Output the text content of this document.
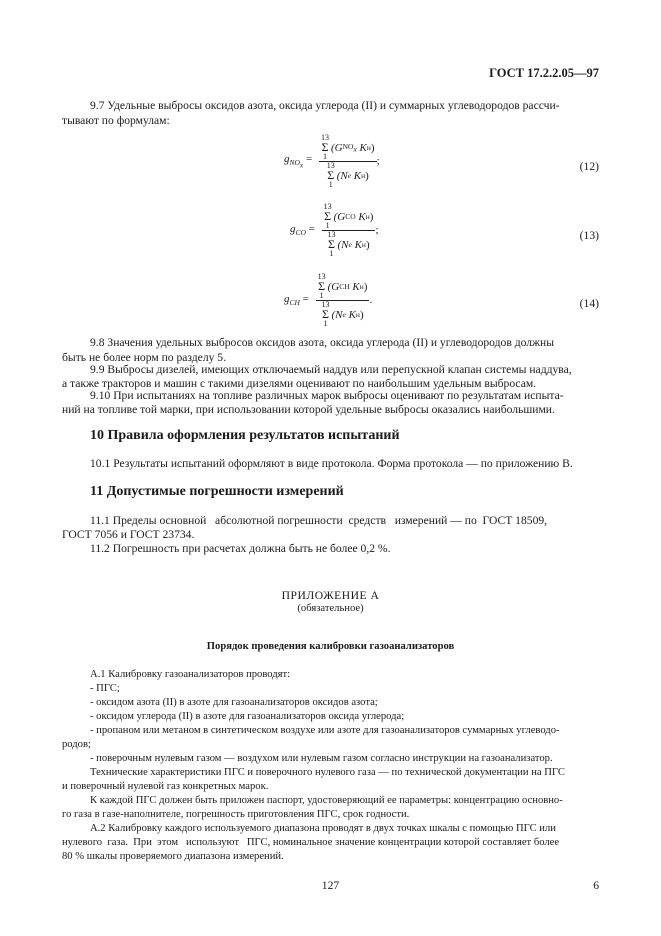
ГОСТ 17.2.2.05—97
9.7 Удельные выбросы оксидов азота, оксида углерода (II) и суммарных углеводородов рассчи-
тывают по формулам:
$g_{NO_x} = 13$
Σ
1
(G $NO_x$
K н )
13
Σ
1
(N e
K н ) ;	(12)
$g_{CO} = 13$
Σ
1
(G CO
K н )
13
Σ
1
(N e
K н ) ;	(13)
$g_{CH} = 13$
Σ
1
(G CH
K н )
13
Σ
1
(N e
K н ) .	(14)
9.8 Значения удельных выбросов оксидов азота, оксида углерода (II) и углеводородов должны
быть не более норм по разделу 5.
9.9 Выбросы дизелей, имеющих отключаемый наддув или перепускной клапан системы наддува,
а также тракторов и машин с такими дизелями оценивают по наибольшим удельным выбросам.
9.10 При испытаниях на топливе различных марок выбросы оценивают по результатам испыта-
ний на топливе той марки, при использовании которой удельные выбросы оказались наибольшими.
10 Правила оформления результатов испытаний
10.1 Результаты испытаний оформляют в виде протокола. Форма протокола — по приложению В.
11 Допустимые погрешности измерений
11.1 Пределы основной   абсолютной погрешности  средств   измерений — по  ГОСТ 18509,
ГОСТ 7056 и ГОСТ 23734.
11.2 Погрешность при расчетах должна быть не более 0,2 %.
ПРИЛОЖЕНИЕ А
(обязательное)
Порядок проведения калибровки газоанализаторов
А.1 Калибровку газоанализаторов проводят:
- ПГС;
- оксидом азота (II) в азоте для газоанализаторов оксидов азота;
- оксидом углерода (II) в азоте для газоанализаторов оксида углерода;
- пропаном или метаном в синтетическом воздухе или азоте для газоанализаторов суммарных углеводо-
родов;
- поверочным нулевым газом — воздухом или нулевым газом согласно инструкции на газоанализатор.
Технические характеристики ПГС и поверочного нулевого газа — по технической документации на ПГС
и поверочный нулевой газ конкретных марок.
К каждой ПГС должен быть приложен паспорт, удостоверяющий ее параметры: концентрацию основно-
го газа в газе-наполнителе, погрешность приготовления ПГС, срок годности.
А.2 Калибровку каждого используемого диапазона проводят в двух точках шкалы с помощью ПГС или
нулевого  газа.  При  этом   используют   ПГС, номинальное значение концентрации которой составляет более
80 % шкалы проверяемого диапазона измерений.
127	6
